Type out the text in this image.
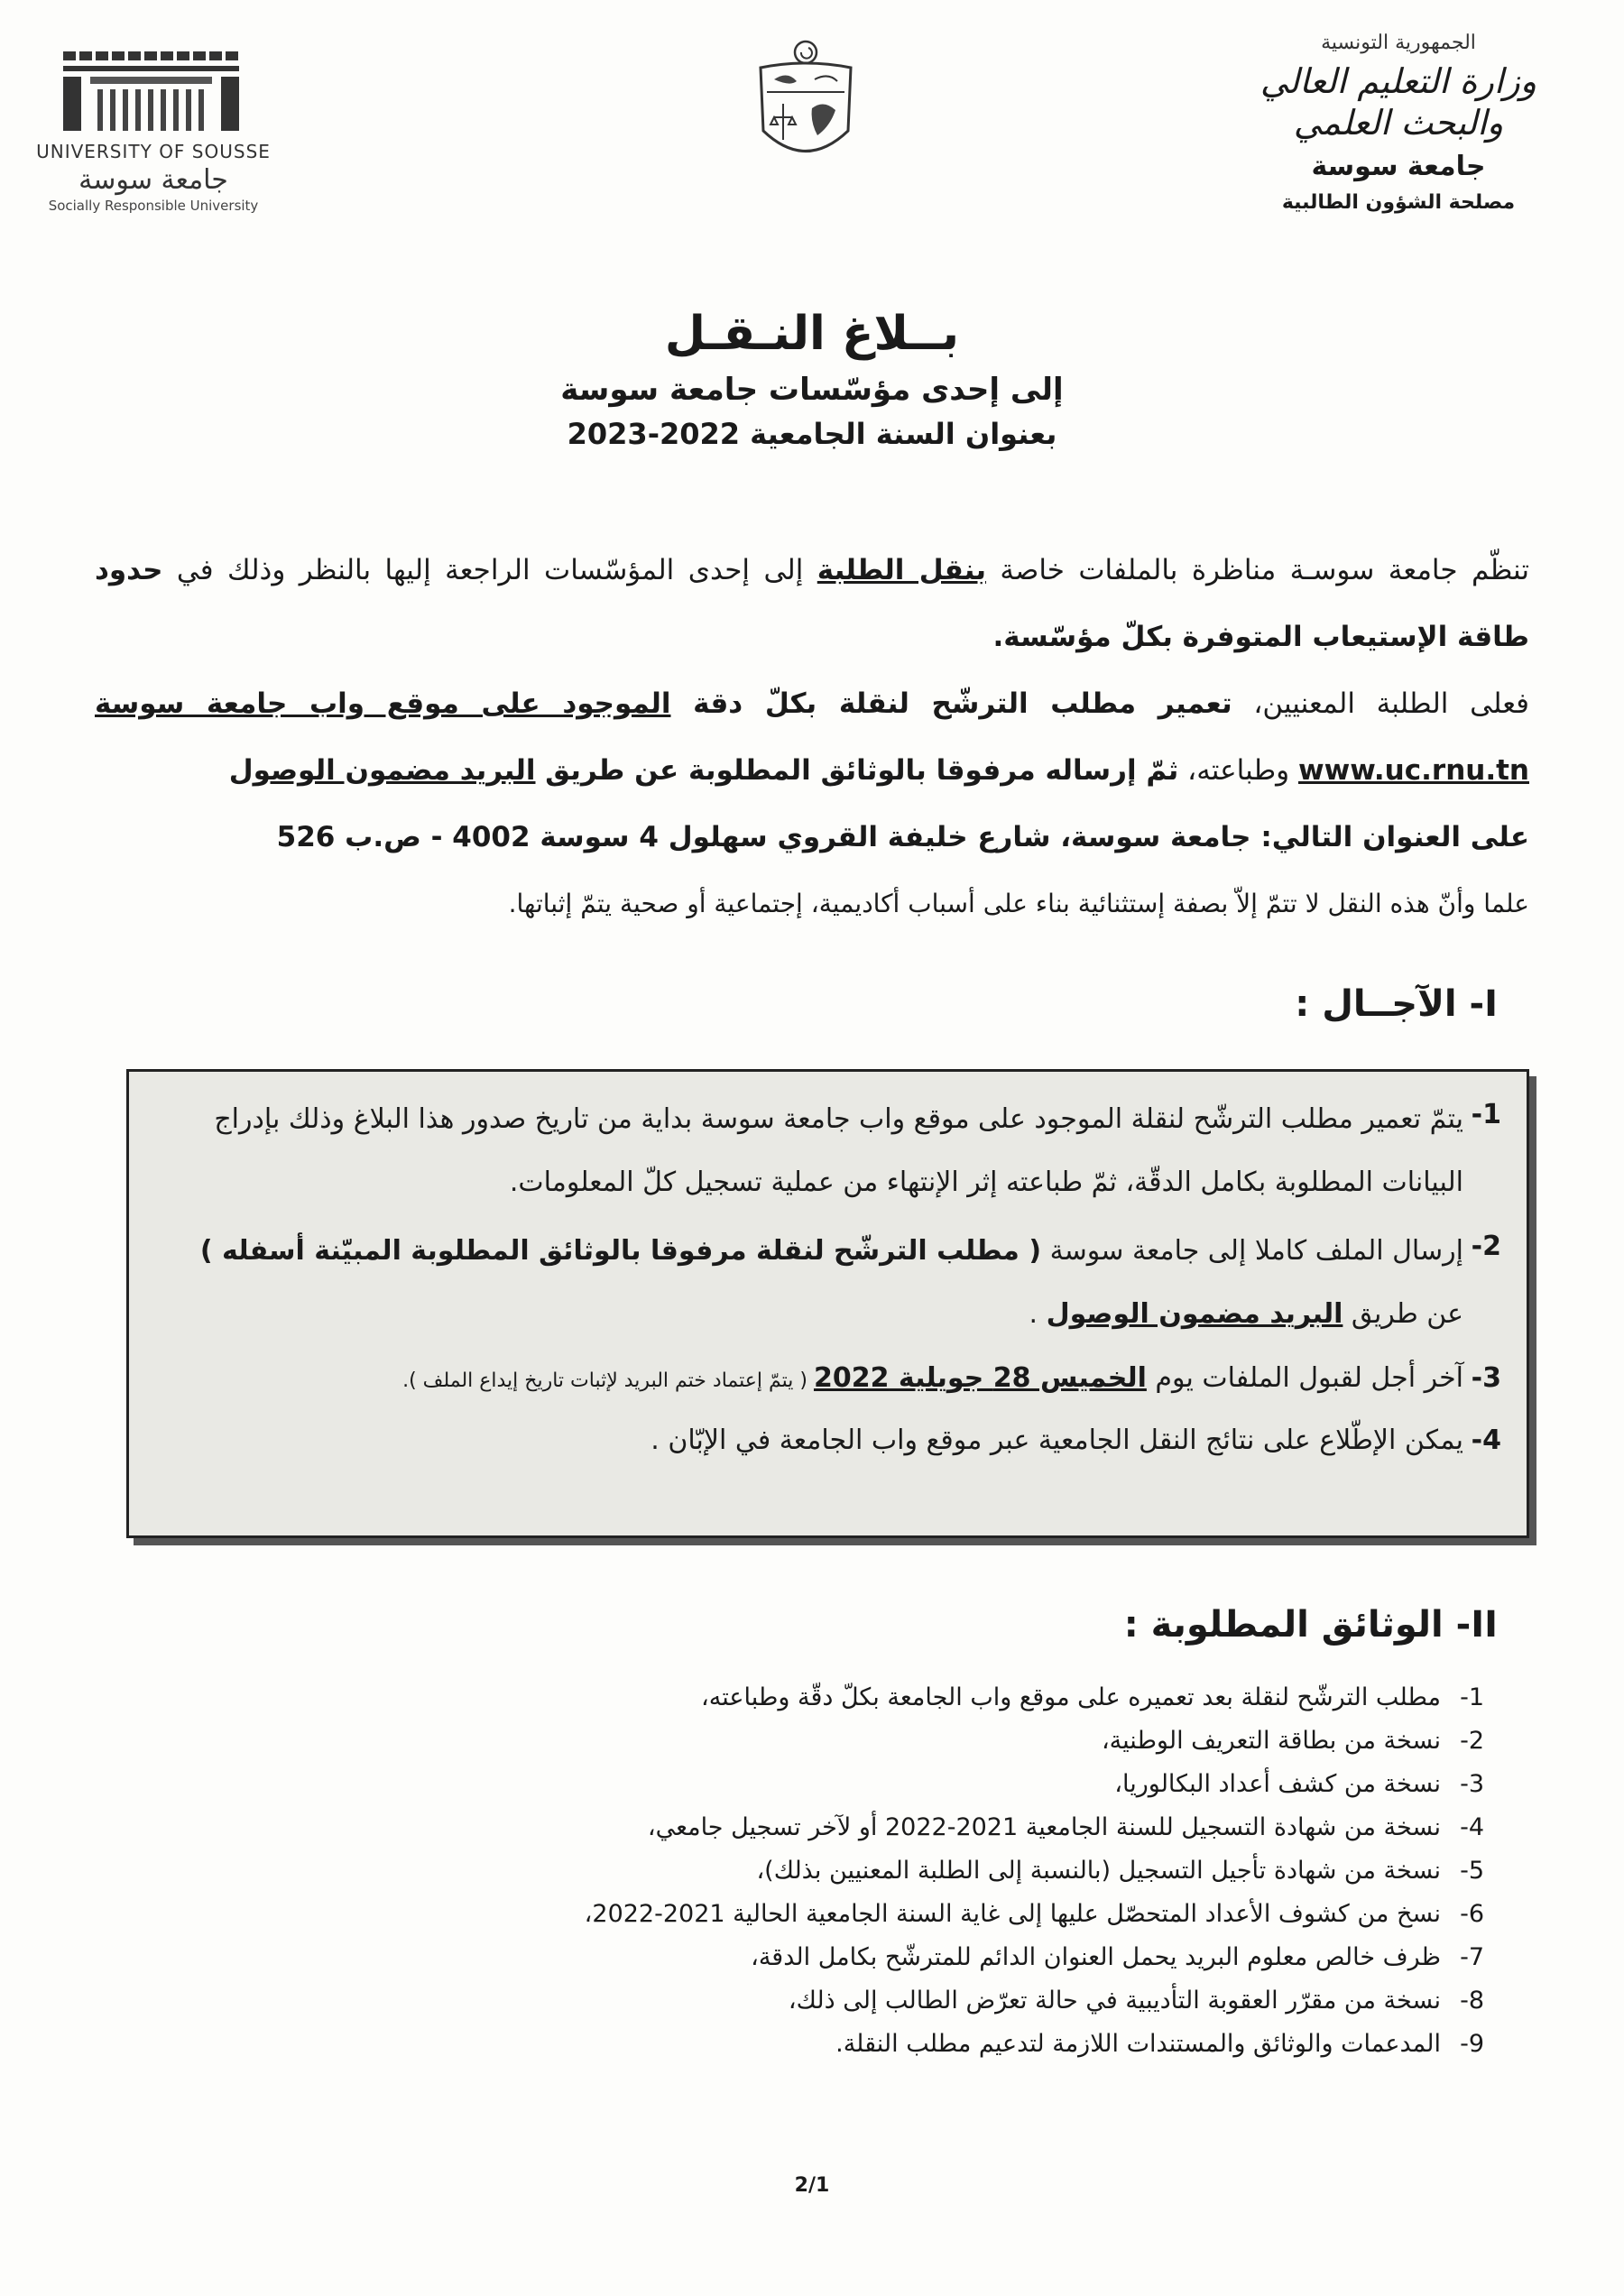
UNIVERSITY OF SOUSSE
جامعة سوسة
Socially Responsible University
الجمهورية التونسية
وزارة التعليم العالي والبحث العلمي
جامعة سوسة
مصلحة الشؤون الطالبية
بــلاغ النـقـل
إلى إحدى مؤسّسات جامعة سوسة
بعنوان السنة الجامعية 2022-2023

تنظّم جامعة سوسـة مناظرة بالملفات خاصة بنقل الطلبة إلى إحدى المؤسّسات الراجعة إليها بالنظر وذلك في حدود طاقة الإستيعاب المتوفرة بكلّ مؤسّسة.

فعلى الطلبة المعنيين، تعمير مطلب الترشّح لنقلة بكلّ دقة الموجود على موقع واب جامعة سوسة www.uc.rnu.tn وطباعته، ثمّ إرساله مرفوقا بالوثائق المطلوبة عن طريق البريد مضمون الوصول

على العنوان التالي: جامعة سوسة، شارع خليفة القروي سهلول 4 سوسة 4002 - ص.ب 526

علما وأنّ هذه النقل لا تتمّ إلاّ بصفة إستثنائية بناء على أسباب أكاديمية، إجتماعية أو صحية يتمّ إثباتها.

I- الآجــال :
1-
يتمّ تعمير مطلب الترشّح لنقلة الموجود على موقع واب جامعة سوسة بداية من تاريخ صدور هذا البلاغ وذلك بإدراج البيانات المطلوبة بكامل الدقّة، ثمّ طباعته إثر الإنتهاء من عملية تسجيل كلّ المعلومات.
2-
إرسال الملف كاملا إلى جامعة سوسة ( مطلب الترشّح لنقلة مرفوقا بالوثائق المطلوبة المبيّنة أسفله )
عن طريق البريد مضمون الوصول .
3-
آخر أجل لقبول الملفات يوم الخميس 28 جويلية 2022 ( يتمّ إعتماد ختم البريد لإثبات تاريخ إيداع الملف ).
4-
يمكن الإطّلاع على نتائج النقل الجامعية عبر موقع واب الجامعة في الإبّان .
II- الوثائق المطلوبة :
1-
مطلب الترشّح لنقلة بعد تعميره على موقع واب الجامعة بكلّ دقّة وطباعته،
2-
نسخة من بطاقة التعريف الوطنية،
3-
نسخة من كشف أعداد البكالوريا،
4-
نسخة من شهادة التسجيل للسنة الجامعية 2021-2022 أو لآخر تسجيل جامعي،
5-
نسخة من شهادة تأجيل التسجيل (بالنسبة إلى الطلبة المعنيين بذلك)،
6-
نسخ من كشوف الأعداد المتحصّل عليها إلى غاية السنة الجامعية الحالية 2021-2022،
7-
ظرف خالص معلوم البريد يحمل العنوان الدائم للمترشّح بكامل الدقة،
8-
نسخة من مقرّر العقوبة التأديبية في حالة تعرّض الطالب إلى ذلك،
9-
المدعمات والوثائق والمستندات اللازمة لتدعيم مطلب النقلة.
2/1
